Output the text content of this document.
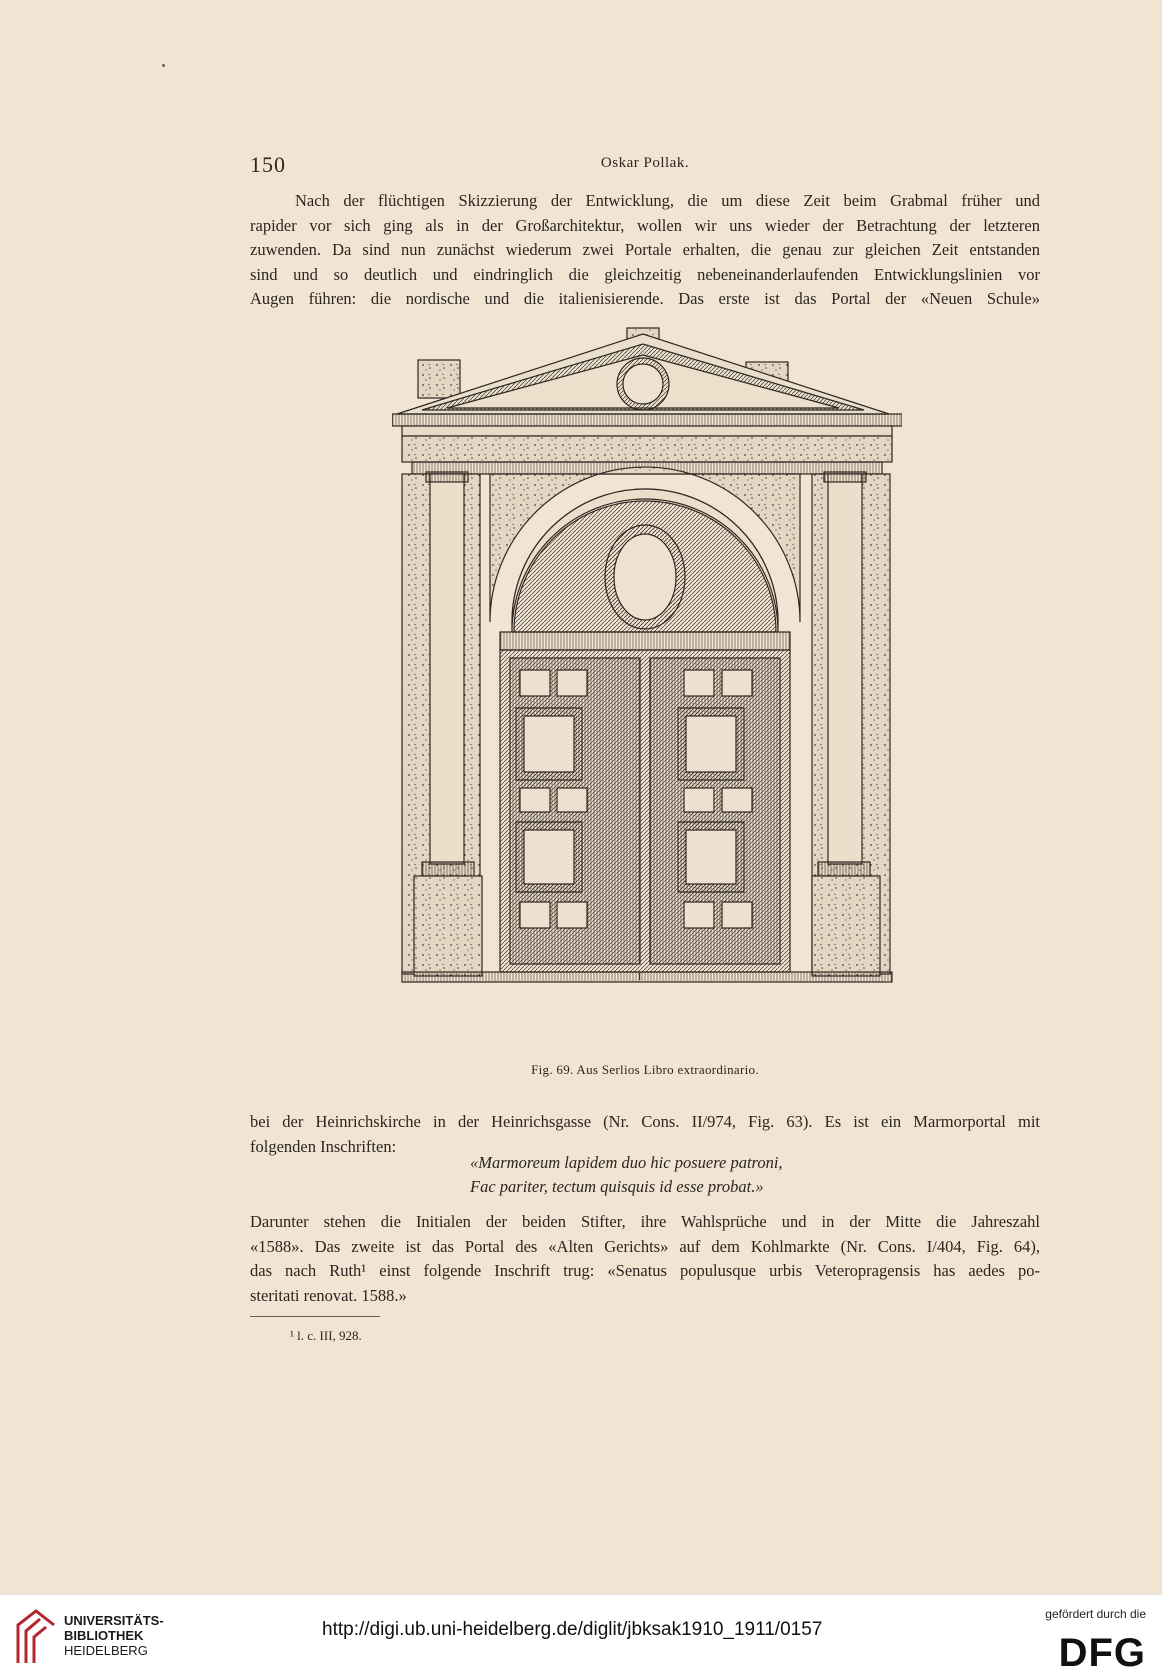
150	Oskar Pollak.
Nach der flüchtigen Skizzierung der Entwicklung, die um diese Zeit beim Grabmal früher und
rapider vor sich ging als in der Großarchitektur, wollen wir uns wieder der Betrachtung der letzteren
zuwenden. Da sind nun zunächst wiederum zwei Portale erhalten, die genau zur gleichen Zeit entstanden
sind und so deutlich und eindringlich die gleichzeitig nebeneinanderlaufenden Entwicklungslinien vor
Augen führen: die nordische und die italienisierende. Das erste ist das Portal der «Neuen Schule»
I
Fig. 69. Aus Serlios Libro extraordinario.
bei der Heinrichskirche in der Heinrichsgasse (Nr. Cons. II/974, Fig. 63). Es ist ein Marmorportal mit
folgenden Inschriften:
«Marmoreum lapidem duo hic posuere patroni,
Fac pariter, tectum quisquis id esse probat.»
Darunter stehen die Initialen der beiden Stifter, ihre Wahlsprüche und in der Mitte die Jahreszahl
«1588». Das zweite ist das Portal des «Alten Gerichts» auf dem Kohlmarkte (Nr. Cons. I/404, Fig. 64),
das nach Ruth¹ einst folgende Inschrift trug: «Senatus populusque urbis Veteropragensis has aedes po-
steritati renovat. 1588.»
¹ l. c. III, 928.
UNIVERSITÄTS-
BIBLIOTHEK
HEIDELBERG
http://digi.ub.uni-heidelberg.de/diglit/jbksak1910_1911/0157
gefördert durch die
DFG
